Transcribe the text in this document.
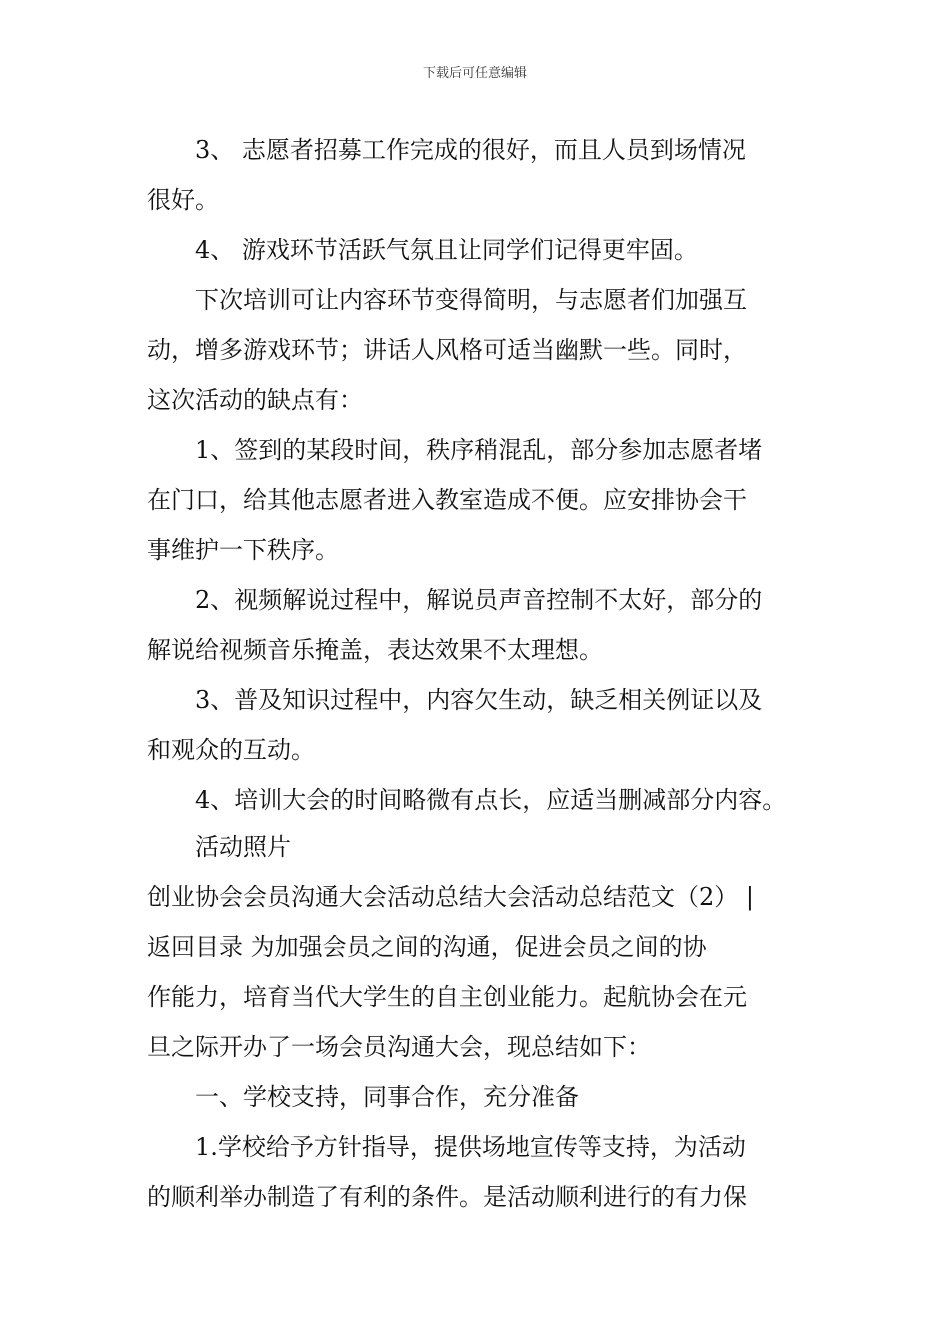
下载后可任意编辑
3、 志愿者招募工作完成的很好，而且人员到场情况
很好。
4、 游戏环节活跃气氛且让同学们记得更牢固。
下次培训可让内容环节变得简明，与志愿者们加强互
动，增多游戏环节；讲话人风格可适当幽默一些。同时，
这次活动的缺点有：
1、签到的某段时间，秩序稍混乱，部分参加志愿者堵
在门口，给其他志愿者进入教室造成不便。应安排协会干
事维护一下秩序。
2、视频解说过程中，解说员声音控制不太好，部分的
解说给视频音乐掩盖，表达效果不太理想。
3、普及知识过程中，内容欠生动，缺乏相关例证以及
和观众的互动。
4、培训大会的时间略微有点长，应适当删减部分内容。
活动照片
创业协会会员沟通大会活动总结大会活动总结范文（2） |
返回目录 为加强会员之间的沟通，促进会员之间的协
作能力，培育当代大学生的自主创业能力。起航协会在元
旦之际开办了一场会员沟通大会，现总结如下：
一、学校支持，同事合作，充分准备
1.学校给予方针指导，提供场地宣传等支持，为活动
的顺利举办制造了有利的条件。是活动顺利进行的有力保
